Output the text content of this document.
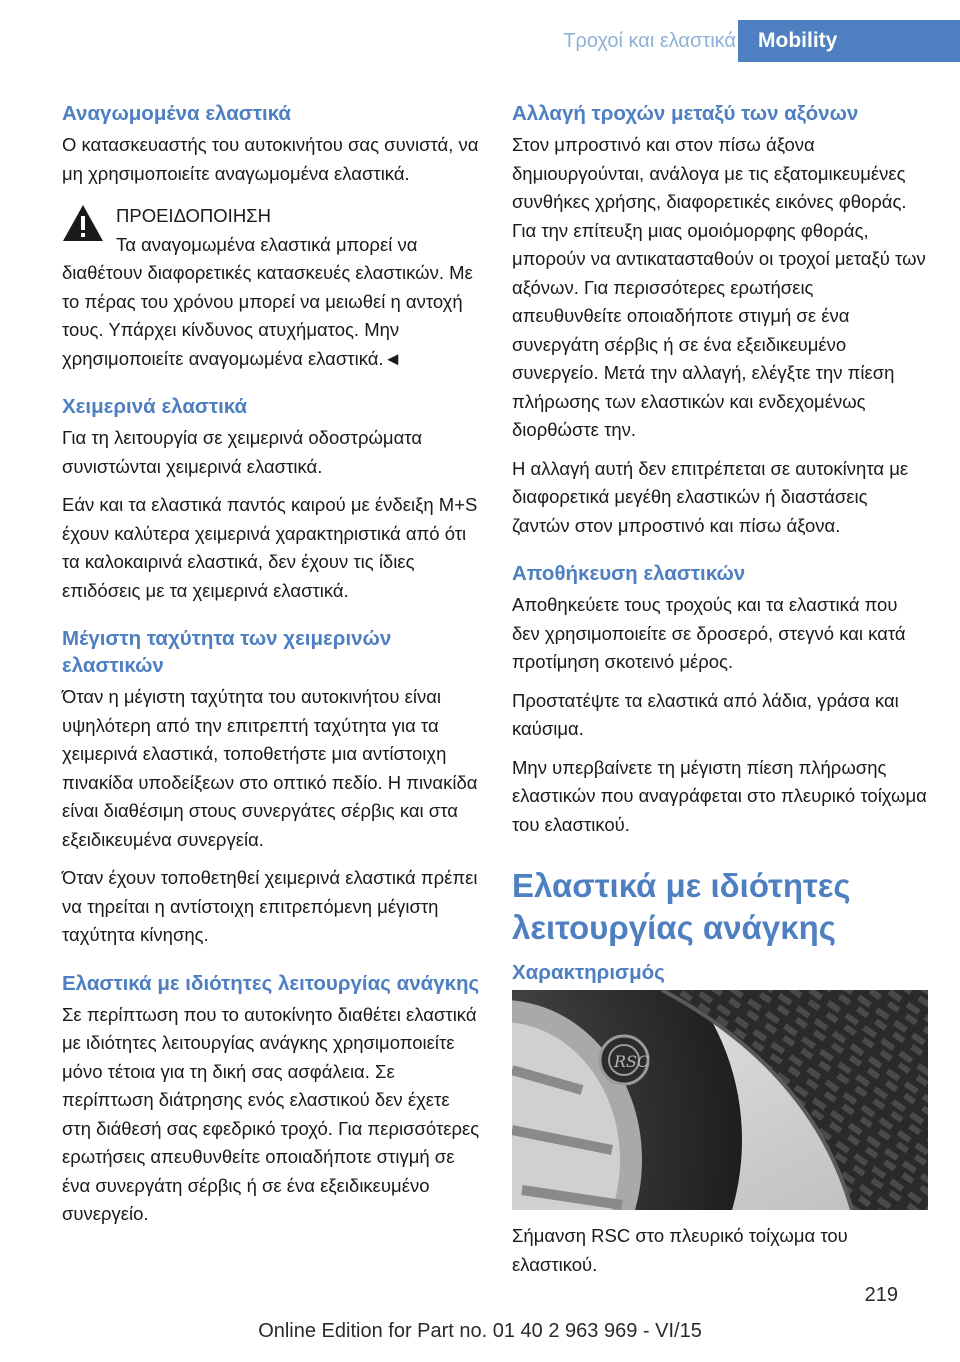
Τροχοί και ελαστικά	Mobility
Αναγωμομένα ελαστικά

Ο κατασκευαστής του αυτοκινήτου σας συνιστά, να μη χρησιμοποιείτε αναγωμομένα ελαστικά.

ΠΡΟΕΙΔΟΠΟΙΗΣΗ
Τα αναγομωμένα ελαστικά μπορεί να
διαθέτουν διαφορετικές κατασκευές ελαστικών. Με το πέρας του χρόνου μπορεί να μειωθεί η αντοχή τους. Υπάρχει κίνδυνος ατυχήματος. Μην χρησιμοποιείτε αναγομωμένα ελαστικά.◄
Χειμερινά ελαστικά

Για τη λειτουργία σε χειμερινά οδοστρώματα συνιστώνται χειμερινά ελαστικά.

Εάν και τα ελαστικά παντός καιρού με ένδειξη M+S έχουν καλύτερα χειμερινά χαρακτηριστικά από ότι τα καλοκαιρινά ελαστικά, δεν έχουν τις ίδιες επιδόσεις με τα χειμερινά ελαστικά.

Μέγιστη ταχύτητα των χειμερινών ελαστικών

Όταν η μέγιστη ταχύτητα του αυτοκινήτου είναι υψηλότερη από την επιτρεπτή ταχύτητα για τα χειμερινά ελαστικά, τοποθετήστε μια αντίστοιχη πινακίδα υποδείξεων στο οπτικό πεδίο. Η πινακίδα είναι διαθέσιμη στους συνεργάτες σέρβις και στα εξειδικευμένα συνεργεία.

Όταν έχουν τοποθετηθεί χειμερινά ελαστικά πρέπει να τηρείται η αντίστοιχη επιτρεπόμενη μέγιστη ταχύτητα κίνησης.

Ελαστικά με ιδιότητες λειτουργίας ανάγκης

Σε περίπτωση που το αυτοκίνητο διαθέτει ελαστικά με ιδιότητες λειτουργίας ανάγκης χρησιμοποιείτε μόνο τέτοια για τη δική σας ασφάλεια. Σε περίπτωση διάτρησης ενός ελαστικού δεν έχετε στη διάθεσή σας εφεδρικό τροχό. Για περισσότερες ερωτήσεις απευθυνθείτε οποιαδήποτε στιγμή σε ένα συνεργάτη σέρβις ή σε ένα εξειδικευμένο συνεργείο.

Αλλαγή τροχών μεταξύ των αξόνων

Στον μπροστινό και στον πίσω άξονα δημιουργούνται, ανάλογα με τις εξατομικευμένες συνθήκες χρήσης, διαφορετικές εικόνες φθοράς. Για την επίτευξη μιας ομοιόμορφης φθοράς, μπορούν να αντικατασταθούν οι τροχοί μεταξύ των αξόνων. Για περισσότερες ερωτήσεις απευθυνθείτε οποιαδήποτε στιγμή σε ένα συνεργάτη σέρβις ή σε ένα εξειδικευμένο συνεργείο. Μετά την αλλαγή, ελέγξτε την πίεση πλήρωσης των ελαστικών και ενδεχομένως διορθώστε την.

Η αλλαγή αυτή δεν επιτρέπεται σε αυτοκίνητα με διαφορετικά μεγέθη ελαστικών ή διαστάσεις ζαντών στον μπροστινό και πίσω άξονα.

Αποθήκευση ελαστικών

Αποθηκεύετε τους τροχούς και τα ελαστικά που δεν χρησιμοποιείτε σε δροσερό, στεγνό και κατά προτίμηση σκοτεινό μέρος.

Προστατέψτε τα ελαστικά από λάδια, γράσα και καύσιμα.

Μην υπερβαίνετε τη μέγιστη πίεση πλήρωσης ελαστικών που αναγράφεται στο πλευρικό τοίχωμα του ελαστικού.

Ελαστικά με ιδιότητες λειτουργίας ανάγκης
Χαρακτηρισμός
RSC

Σήμανση RSC στο πλευρικό τοίχωμα του ελαστικού.

219
Online Edition for Part no. 01 40 2 963 969 - VI/15
